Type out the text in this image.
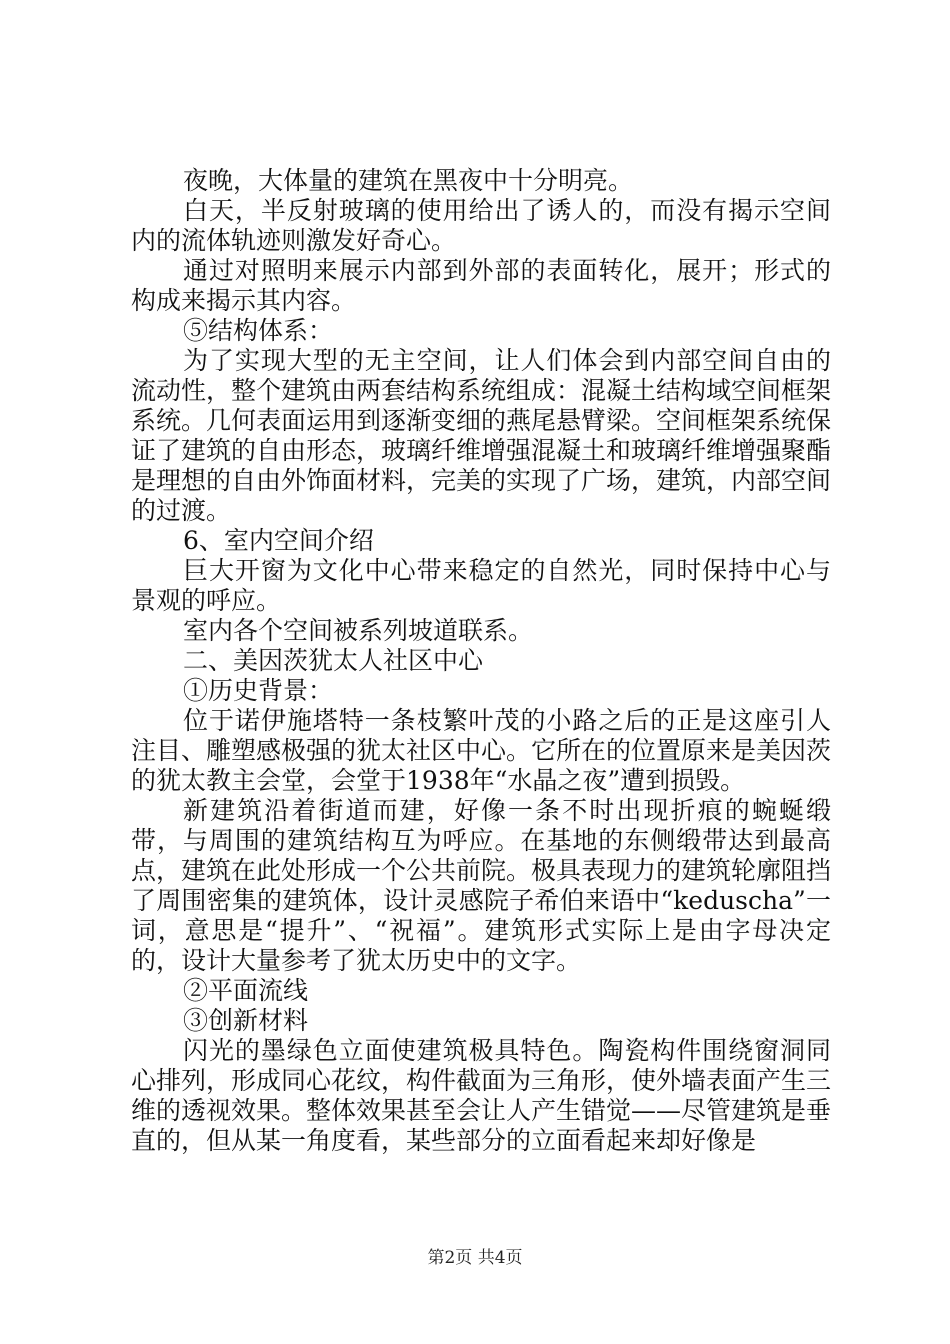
夜晚，大体量的建筑在黑夜中十分明亮。

白天，半反射玻璃的使用给出了诱人的，而没有揭示空间内的流体轨迹则激发好奇心。

通过对照明来展示内部到外部的表面转化，展开；形式的构成来揭示其内容。

⑤结构体系：

为了实现大型的无主空间，让人们体会到内部空间自由的流动性，整个建筑由两套结构系统组成：混凝土结构域空间框架系统。几何表面运用到逐渐变细的燕尾悬臂梁。空间框架系统保证了建筑的自由形态，玻璃纤维增强混凝土和玻璃纤维增强聚酯是理想的自由外饰面材料，完美的实现了广场，建筑，内部空间的过渡。

6、室内空间介绍

巨大开窗为文化中心带来稳定的自然光，同时保持中心与景观的呼应。

室内各个空间被系列坡道联系。

二、美因茨犹太人社区中心

①历史背景：

位于诺伊施塔特一条枝繁叶茂的小路之后的正是这座引人注目、雕塑感极强的犹太社区中心。它所在的位置原来是美因茨的犹太教主会堂，会堂于1938年“水晶之夜”遭到损毁。

新建筑沿着街道而建，好像一条不时出现折痕的蜿蜒缎带，与周围的建筑结构互为呼应。在基地的东侧缎带达到最高点，建筑在此处形成一个公共前院。极具表现力的建筑轮廓阻挡了周围密集的建筑体，设计灵感院子希伯来语中“keduscha”一词，意思是“提升”、“祝福”。建筑形式实际上是由字母决定的，设计大量参考了犹太历史中的文字。

②平面流线

③创新材料

闪光的墨绿色立面使建筑极具特色。陶瓷构件围绕窗洞同心排列，形成同心花纹，构件截面为三角形，使外墙表面产生三维的透视效果。整体效果甚至会让人产生错觉——尽管建筑是垂直的，但从某一角度看，某些部分的立面看起来却好像是

第2页 共4页
